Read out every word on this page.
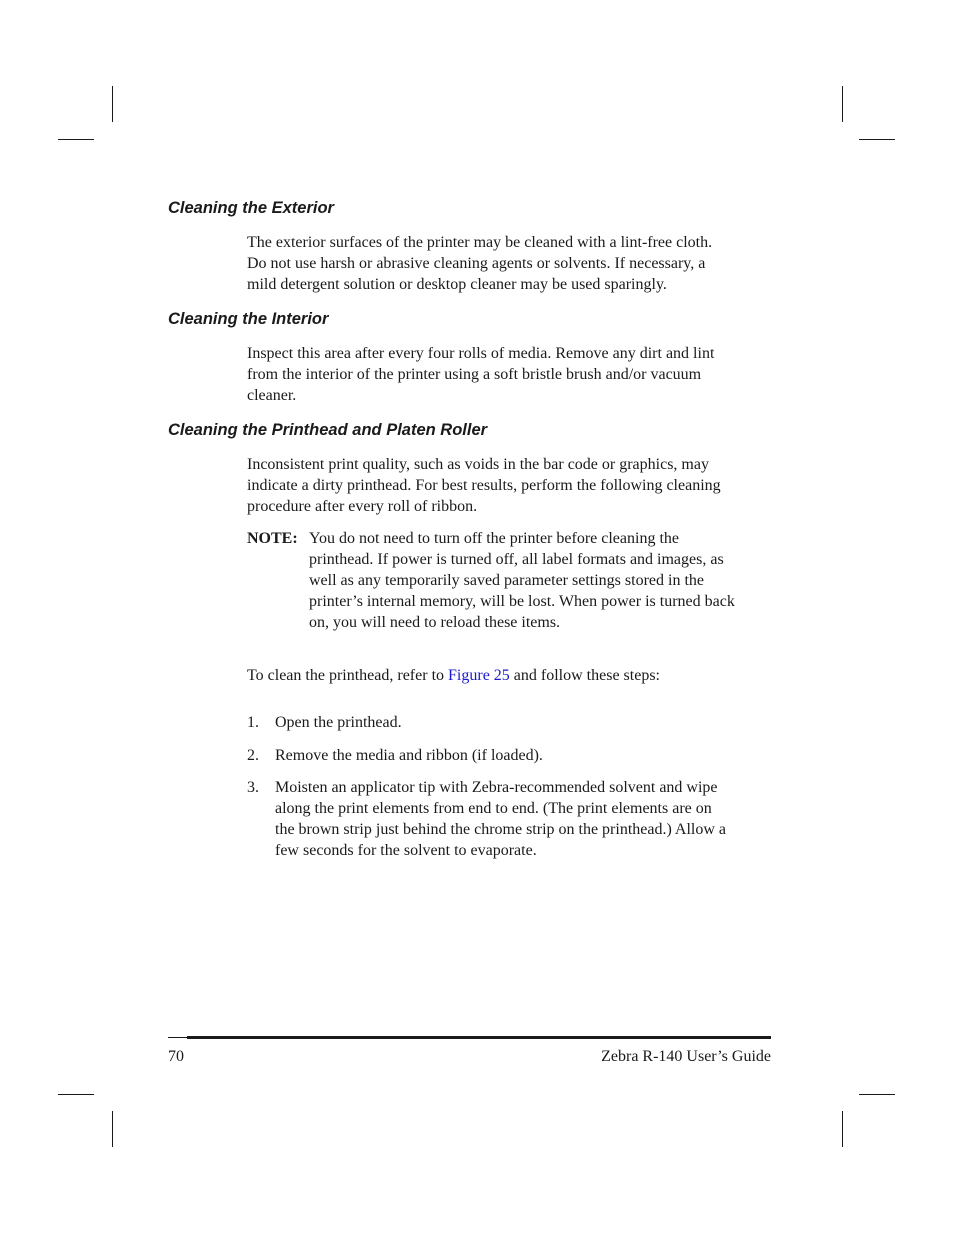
Cleaning the Exterior

The exterior surfaces of the printer may be cleaned with a lint-free cloth.
Do not use harsh or abrasive cleaning agents or solvents. If necessary, a
mild detergent solution or desktop cleaner may be used sparingly.

Cleaning the Interior

Inspect this area after every four rolls of media. Remove any dirt and lint
from the interior of the printer using a soft bristle brush and/or vacuum
cleaner.

Cleaning the Printhead and Platen Roller

Inconsistent print quality, such as voids in the bar code or graphics, may
indicate a dirty printhead. For best results, perform the following cleaning
procedure after every roll of ribbon.

NOTE: You do not need to turn off the printer before cleaning the
printhead. If power is turned off, all label formats and images, as
well as any temporarily saved parameter settings stored in the
printer’s internal memory, will be lost. When power is turned back
on, you will need to reload these items.

To clean the printhead, refer to Figure 25 and follow these steps:

1. Open the printhead.
2. Remove the media and ribbon (if loaded).
3. Moisten an applicator tip with Zebra-recommended solvent and wipe
along the print elements from end to end. (The print elements are on
the brown strip just behind the chrome strip on the printhead.) Allow a
few seconds for the solvent to evaporate.
70	Zebra R-140 User’s Guide
